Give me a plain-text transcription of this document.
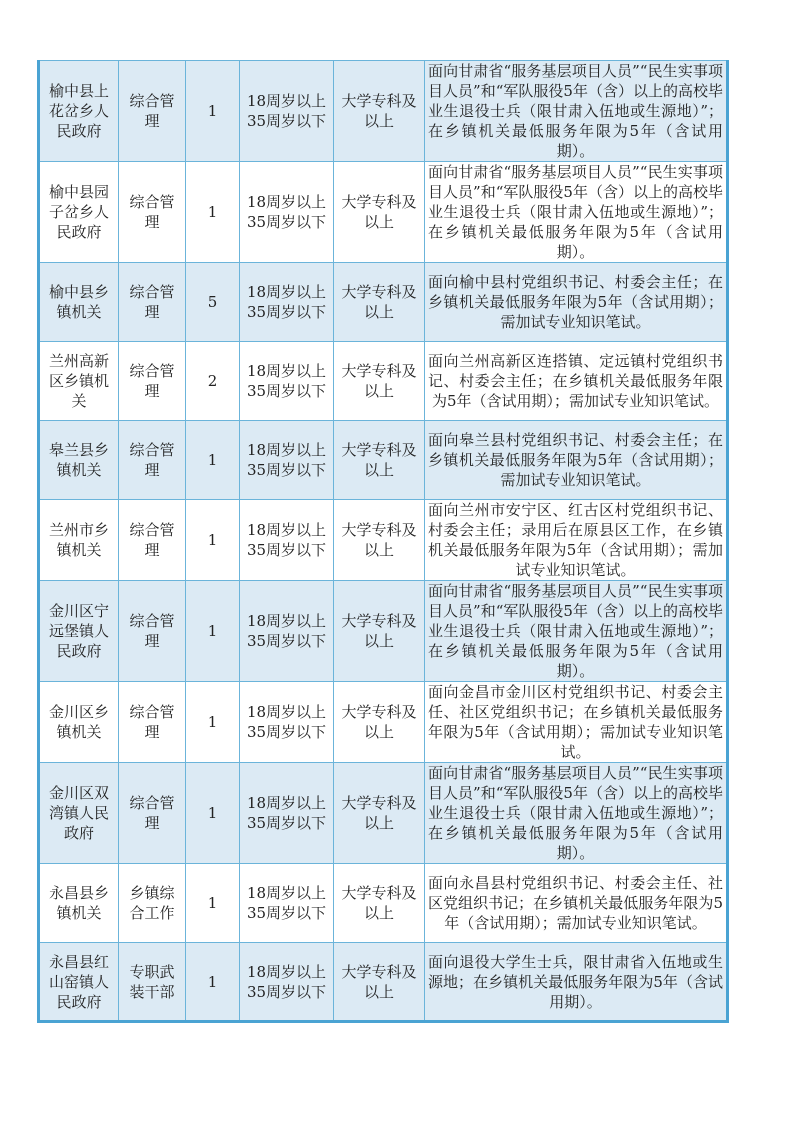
榆中县上花岔乡人民政府	综合管理	1	18周岁以上35周岁以下	大学专科及以上	面向甘肃省“服务基层项目人员”“民生实事项目人员”和“军队服役5年（含）以上的高校毕业生退役士兵（限甘肃入伍地或生源地）”；在乡镇机关最低服务年限为5年（含试用期）。
榆中县园子岔乡人民政府	综合管理	1	18周岁以上35周岁以下	大学专科及以上	面向甘肃省“服务基层项目人员”“民生实事项目人员”和“军队服役5年（含）以上的高校毕业生退役士兵（限甘肃入伍地或生源地）”；在乡镇机关最低服务年限为5年（含试用期）。
榆中县乡镇机关	综合管理	5	18周岁以上35周岁以下	大学专科及以上	面向榆中县村党组织书记、村委会主任；在乡镇机关最低服务年限为5年（含试用期）；需加试专业知识笔试。
兰州高新区乡镇机关	综合管理	2	18周岁以上35周岁以下	大学专科及以上	面向兰州高新区连搭镇、定远镇村党组织书记、村委会主任；在乡镇机关最低服务年限为5年（含试用期）；需加试专业知识笔试。
皋兰县乡镇机关	综合管理	1	18周岁以上35周岁以下	大学专科及以上	面向皋兰县村党组织书记、村委会主任；在乡镇机关最低服务年限为5年（含试用期）；需加试专业知识笔试。
兰州市乡镇机关	综合管理	1	18周岁以上35周岁以下	大学专科及以上	面向兰州市安宁区、红古区村党组织书记、村委会主任；录用后在原县区工作，在乡镇机关最低服务年限为5年（含试用期）；需加试专业知识笔试。
金川区宁远堡镇人民政府	综合管理	1	18周岁以上35周岁以下	大学专科及以上	面向甘肃省“服务基层项目人员”“民生实事项目人员”和“军队服役5年（含）以上的高校毕业生退役士兵（限甘肃入伍地或生源地）”；在乡镇机关最低服务年限为5年（含试用期）。
金川区乡镇机关	综合管理	1	18周岁以上35周岁以下	大学专科及以上	面向金昌市金川区村党组织书记、村委会主任、社区党组织书记；在乡镇机关最低服务年限为5年（含试用期）；需加试专业知识笔试。
金川区双湾镇人民政府	综合管理	1	18周岁以上35周岁以下	大学专科及以上	面向甘肃省“服务基层项目人员”“民生实事项目人员”和“军队服役5年（含）以上的高校毕业生退役士兵（限甘肃入伍地或生源地）”；在乡镇机关最低服务年限为5年（含试用期）。
永昌县乡镇机关	乡镇综合工作	1	18周岁以上35周岁以下	大学专科及以上	面向永昌县村党组织书记、村委会主任、社区党组织书记；在乡镇机关最低服务年限为5年（含试用期）；需加试专业知识笔试。
永昌县红山窑镇人民政府	专职武装干部	1	18周岁以上35周岁以下	大学专科及以上	面向退役大学生士兵，限甘肃省入伍地或生源地；在乡镇机关最低服务年限为5年（含试用期）。
